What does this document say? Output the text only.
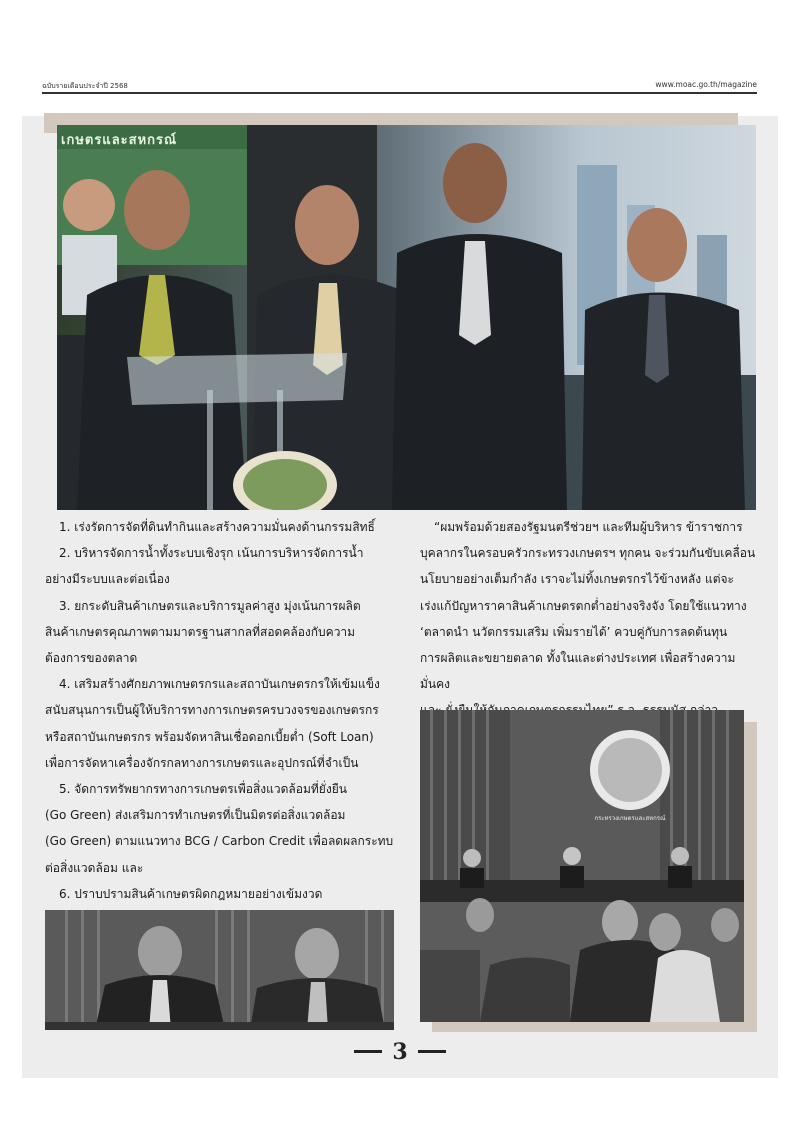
ฉบับรายเดือนประจำปี 2568	www.moac.go.th/magazine
เกษตรและสหกรณ์

1. เร่งรัดการจัดที่ดินทำกินและสร้างความมั่นคงด้านกรรมสิทธิ์

2. บริหารจัดการน้ำทั้งระบบเชิงรุก เน้นการบริหารจัดการน้ำ

อย่างมีระบบและต่อเนื่อง

3. ยกระดับสินค้าเกษตรและบริการมูลค่าสูง มุ่งเน้นการผลิต

สินค้าเกษตรคุณภาพตามมาตรฐานสากลที่สอดคล้องกับความ

ต้องการของตลาด

4. เสริมสร้างศักยภาพเกษตรกรและสถาบันเกษตรกรให้เข้มแข็ง

สนับสนุนการเป็นผู้ให้บริการทางการเกษตรครบวงจรของเกษตรกร

หรือสถาบันเกษตรกร พร้อมจัดหาสินเชื่อดอกเบี้ยต่ำ (Soft Loan)

เพื่อการจัดหาเครื่องจักรกลทางการเกษตรและอุปกรณ์ที่จำเป็น

5. จัดการทรัพยากรทางการเกษตรเพื่อสิ่งแวดล้อมที่ยั่งยืน

(Go Green) ส่งเสริมการทำเกษตรที่เป็นมิตรต่อสิ่งแวดล้อม

(Go Green) ตามแนวทาง BCG / Carbon Credit เพื่อลดผลกระทบ

ต่อสิ่งแวดล้อม และ

6. ปราบปรามสินค้าเกษตรผิดกฎหมายอย่างเข้มงวด

“ผมพร้อมด้วยสองรัฐมนตรีช่วยฯ และทีมผู้บริหาร ข้าราชการ

บุคลากรในครอบครัวกระทรวงเกษตรฯ ทุกคน จะร่วมกันขับเคลื่อน

นโยบายอย่างเต็มกำลัง เราจะไม่ทิ้งเกษตรกรไว้ข้างหลัง แต่จะ

เร่งแก้ปัญหาราคาสินค้าเกษตรตกต่ำอย่างจริงจัง โดยใช้แนวทาง

‘ตลาดนำ นวัตกรรมเสริม เพิ่มรายได้’ ควบคู่กับการลดต้นทุน

การผลิตและขยายตลาด ทั้งในและต่างประเทศ เพื่อสร้างความมั่นคง

กระทรวงเกษตรและสหกรณ์
3
